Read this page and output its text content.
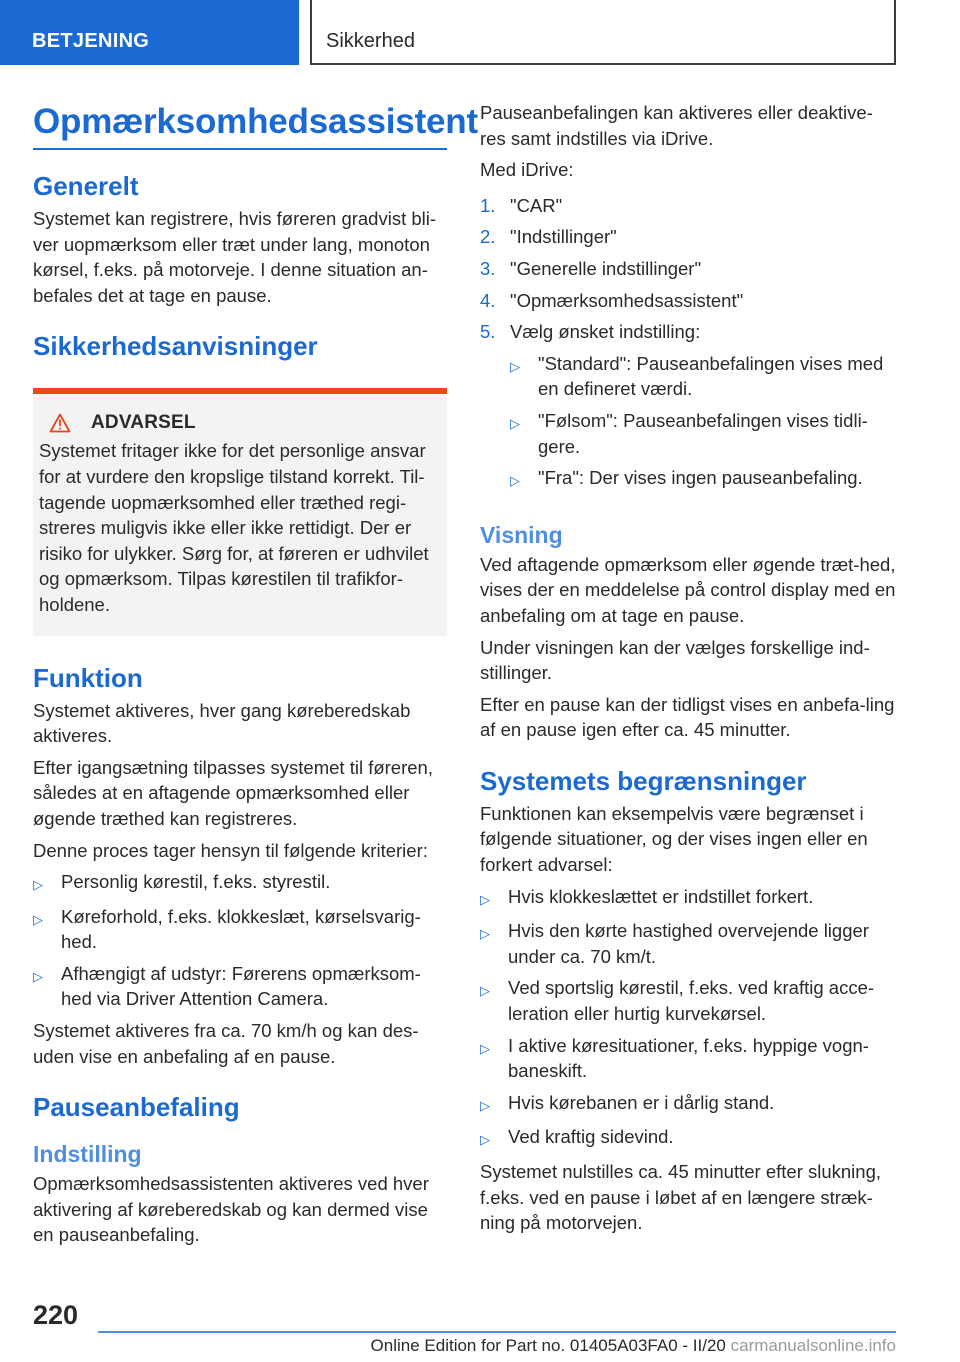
BETJENING	Sikkerhed
Opmærksomhedsassistent
Generelt

Systemet kan registrere, hvis føreren gradvist bli-ver uopmærksom eller træt under lang, monoton kørsel, f.eks. på motorveje. I denne situation an-befales det at tage en pause.

Sikkerhedsanvisninger
ADVARSEL

Systemet fritager ikke for det personlige ansvar for at vurdere den kropslige tilstand korrekt. Til-tagende uopmærksomhed eller træthed regi-streres muligvis ikke eller ikke rettidigt. Der er risiko for ulykker. Sørg for, at føreren er udhvilet og opmærksom. Tilpas kørestilen til trafikfor-holdene.

Funktion

Systemet aktiveres, hver gang køreberedskab aktiveres.

Efter igangsætning tilpasses systemet til føreren, således at en aftagende opmærksomhed eller øgende træthed kan registreres.

Denne proces tager hensyn til følgende kriterier:

▷ Personlig kørestil, f.eks. styrestil.
▷ Køreforhold, f.eks. klokkeslæt, kørselsvarig-hed.
▷ Afhængigt af udstyr: Førerens opmærksom-hed via Driver Attention Camera.

Systemet aktiveres fra ca. 70 km/h og kan des-uden vise en anbefaling af en pause.

Pauseanbefaling
Indstilling

Opmærksomhedsassistenten aktiveres ved hver aktivering af køreberedskab og kan dermed vise en pauseanbefaling.

Pauseanbefalingen kan aktiveres eller deaktive-res samt indstilles via iDrive.

Med iDrive:

1. "CAR"
2. "Indstillinger"
3. "Generelle indstillinger"
4. "Opmærksomhedsassistent"
5. Vælg ønsket indstilling:
▷ "Standard": Pauseanbefalingen vises med en defineret værdi.
▷ "Følsom": Pauseanbefalingen vises tidli-gere.
▷ "Fra": Der vises ingen pauseanbefaling.
Visning

Ved aftagende opmærksom eller øgende træt-hed, vises der en meddelelse på control display med en anbefaling om at tage en pause.

Under visningen kan der vælges forskellige ind-stillinger.

Efter en pause kan der tidligst vises en anbefa-ling af en pause igen efter ca. 45 minutter.

Systemets begrænsninger

Funktionen kan eksempelvis være begrænset i følgende situationer, og der vises ingen eller en forkert advarsel:

▷ Hvis klokkeslættet er indstillet forkert.
▷ Hvis den kørte hastighed overvejende ligger under ca. 70 km/t.
▷ Ved sportslig kørestil, f.eks. ved kraftig acce-leration eller hurtig kurvekørsel.
▷ I aktive køresituationer, f.eks. hyppige vogn-baneskift.
▷ Hvis kørebanen er i dårlig stand.
▷ Ved kraftig sidevind.

Systemet nulstilles ca. 45 minutter efter slukning, f.eks. ved en pause i løbet af en længere stræk-ning på motorvejen.

220
Online Edition for Part no. 01405A03FA0 - II/20 carmanualsonline.info
